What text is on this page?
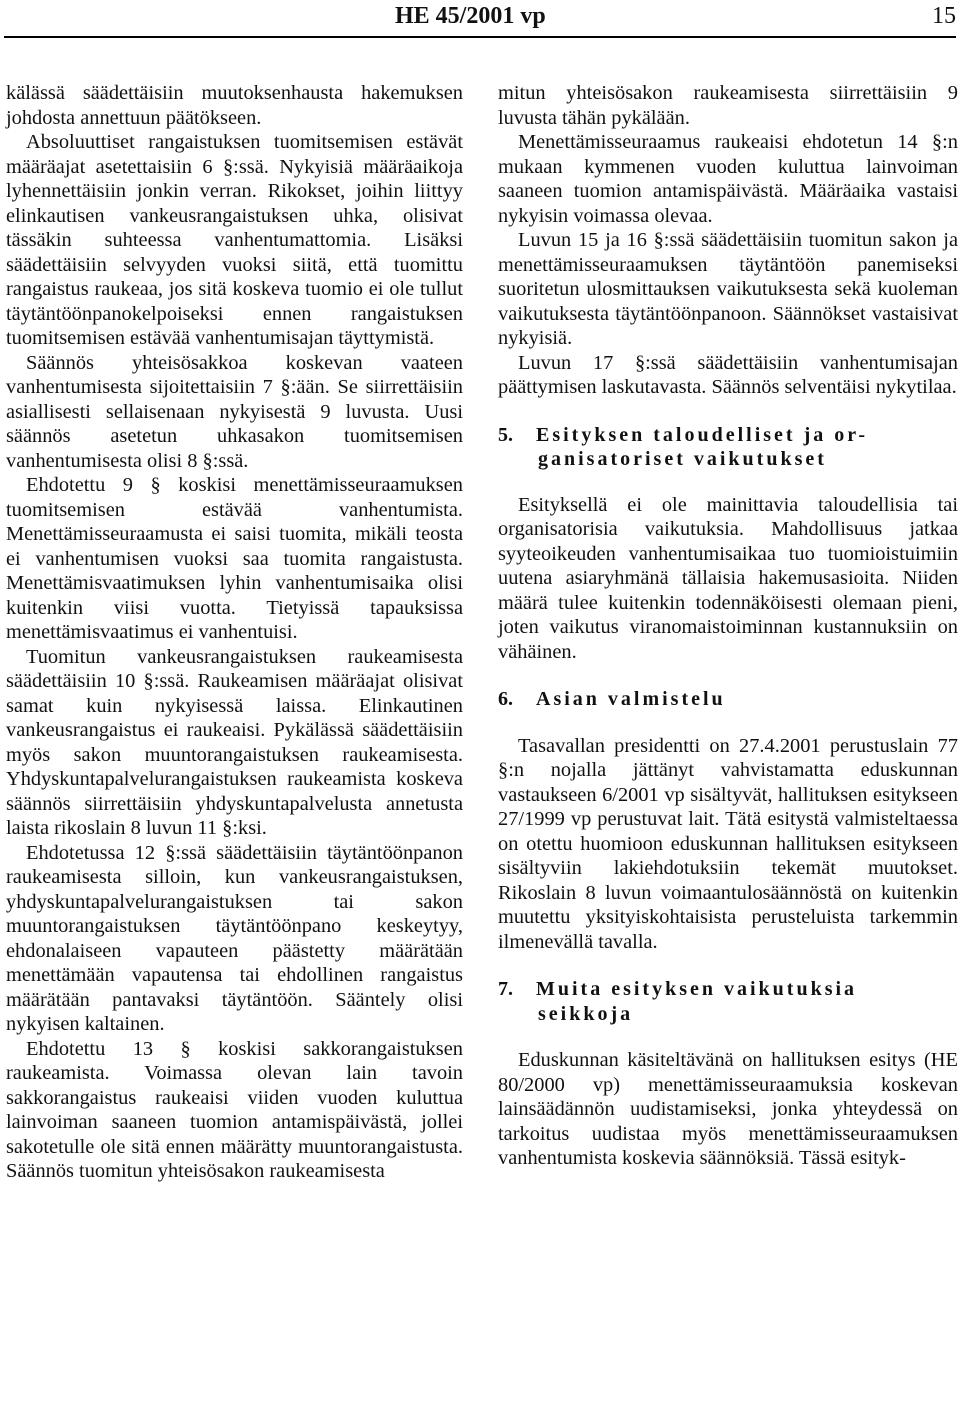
HE 45/2001 vp	15

kälässä säädettäisiin muutoksenhausta hakemuksen johdosta annettuun päätökseen.

Absoluuttiset rangaistuksen tuomitsemisen estävät määräajat asetettaisiin 6 §:ssä. Nykyisiä määräaikoja lyhennettäisiin jonkin verran. Rikokset, joihin liittyy elinkautisen vankeusrangaistuksen uhka, olisivat tässäkin suhteessa vanhentumattomia. Lisäksi säädettäisiin selvyyden vuoksi siitä, että tuomittu rangaistus raukeaa, jos sitä koskeva tuomio ei ole tullut täytäntöönpanokelpoiseksi ennen rangaistuksen tuomitsemisen estävää vanhentumisajan täyttymistä.

Säännös yhteisösakkoa koskevan vaateen vanhentumisesta sijoitettaisiin 7 §:ään. Se siirrettäisiin asiallisesti sellaisenaan nykyisestä 9 luvusta. Uusi säännös asetetun uhkasakon tuomitsemisen vanhentumisesta olisi 8 §:ssä.

Ehdotettu 9 § koskisi menettämisseuraamuksen tuomitsemisen estävää vanhentumista. Menettämisseuraamusta ei saisi tuomita, mikäli teosta ei vanhentumisen vuoksi saa tuomita rangaistusta. Menettämisvaatimuksen lyhin vanhentumisaika olisi kuitenkin viisi vuotta. Tietyissä tapauksissa menettämisvaatimus ei vanhentuisi.

Tuomitun vankeusrangaistuksen raukeamisesta säädettäisiin 10 §:ssä. Raukeamisen määräajat olisivat samat kuin nykyisessä laissa. Elinkautinen vankeusrangaistus ei raukeaisi. Pykälässä säädettäisiin myös sakon muuntorangaistuksen raukeamisesta. Yhdyskuntapalvelurangaistuksen raukeamista koskeva säännös siirrettäisiin yhdyskuntapalvelusta annetusta laista rikoslain 8 luvun 11 §:ksi.

Ehdotetussa 12 §:ssä säädettäisiin täytäntöönpanon raukeamisesta silloin, kun vankeusrangaistuksen, yhdyskuntapalvelurangaistuksen tai sakon muuntorangaistuksen täytäntöönpano keskeytyy, ehdonalaiseen vapauteen päästetty määrätään menettämään vapautensa tai ehdollinen rangaistus määrätään pantavaksi täytäntöön. Sääntely olisi nykyisen kaltainen.

Ehdotettu 13 § koskisi sakkorangaistuksen raukeamista. Voimassa olevan lain tavoin sakkorangaistus raukeaisi viiden vuoden kuluttua lainvoiman saaneen tuomion antamispäivästä, jollei sakotetulle ole sitä ennen määrätty muuntorangaistusta. Säännös tuomitun yhteisösakon raukeamisesta

mitun yhteisösakon raukeamisesta siirrettäisiin 9 luvusta tähän pykälään.

Menettämisseuraamus raukeaisi ehdotetun 14 §:n mukaan kymmenen vuoden kuluttua lainvoiman saaneen tuomion antamispäivästä. Määräaika vastaisi nykyisin voimassa olevaa.

Luvun 15 ja 16 §:ssä säädettäisiin tuomitun sakon ja menettämisseuraamuksen täytäntöön panemiseksi suoritetun ulosmittauksen vaikutuksesta sekä kuoleman vaikutuksesta täytäntöönpanoon. Säännökset vastaisivat nykyisiä.

Luvun 17 §:ssä säädettäisiin vanhentumisajan päättymisen laskutavasta. Säännös selventäisi nykytilaa.

5. Esityksen taloudelliset ja or-
ganisatoriset vaikutukset

Esityksellä ei ole mainittavia taloudellisia tai organisatorisia vaikutuksia. Mahdollisuus jatkaa syyteoikeuden vanhentumisaikaa tuo tuomioistuimiin uutena asiaryhmänä tällaisia hakemusasioita. Niiden määrä tulee kuitenkin todennäköisesti olemaan pieni, joten vaikutus viranomaistoiminnan kustannuksiin on vähäinen.

6. Asian valmistelu

Tasavallan presidentti on 27.4.2001 perustuslain 77 §:n nojalla jättänyt vahvistamatta eduskunnan vastaukseen 6/2001 vp sisältyvät, hallituksen esitykseen 27/1999 vp perustuvat lait. Tätä esitystä valmisteltaessa on otettu huomioon eduskunnan hallituksen esitykseen sisältyviin lakiehdotuksiin tekemät muutokset. Rikoslain 8 luvun voimaantulosäännöstä on kuitenkin muutettu yksityiskohtaisista perusteluista tarkemmin ilmenevällä tavalla.

7. Muita esityksen vaikutuksia
seikkoja

Eduskunnan käsiteltävänä on hallituksen esitys (HE 80/2000 vp) menettämisseuraamuksia koskevan lainsäädännön uudistamiseksi, jonka yhteydessä on tarkoitus uudistaa myös menettämisseuraamuksen vanhentumista koskevia säännöksiä. Tässä esityk-
